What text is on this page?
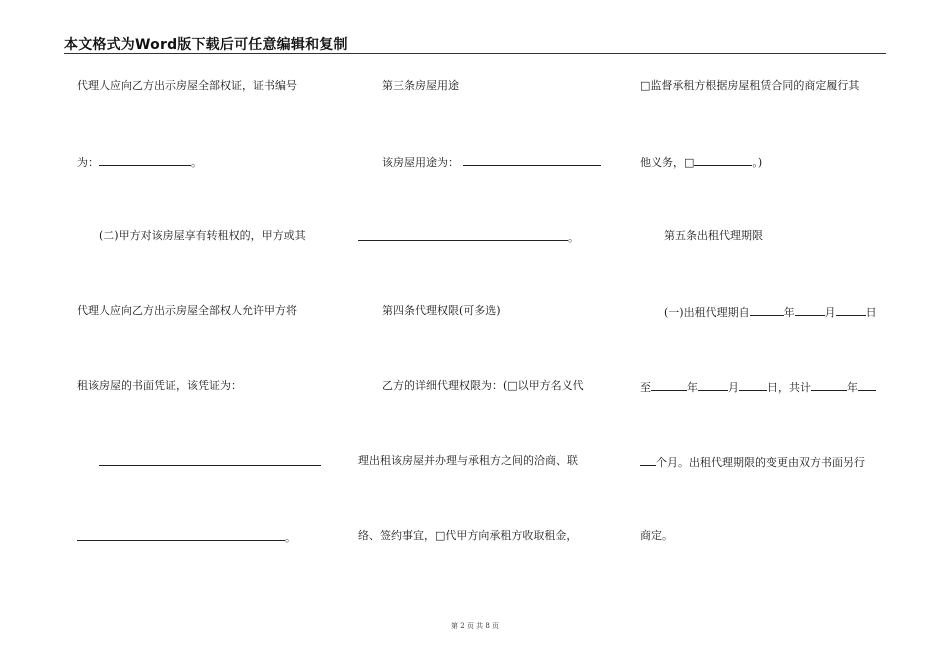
本文格式为Word版下载后可任意编辑和复制
代理人应向乙方出示房屋全部权证，证书编号
为：	。
(二)甲方对该房屋享有转租权的，甲方或其
代理人应向乙方出示房屋全部权人允许甲方将
租该房屋的书面凭证，该凭证为：
。
第三条房屋用途
该房屋用途为：
。
第四条代理权限(可多选)
乙方的详细代理权限为：(□以甲方名义代
理出租该房屋并办理与承租方之间的洽商、联
络、签约事宜，□代甲方向承租方收取租金，
□监督承租方根据房屋租赁合同的商定履行其
他义务，□	。)
第五条出租代理期限
(一)出租代理期自	年	月	日
至	年	月	日，共计	年
个月。出租代理期限的变更由双方书面另行
商定。
第 2 页 共 8 页
